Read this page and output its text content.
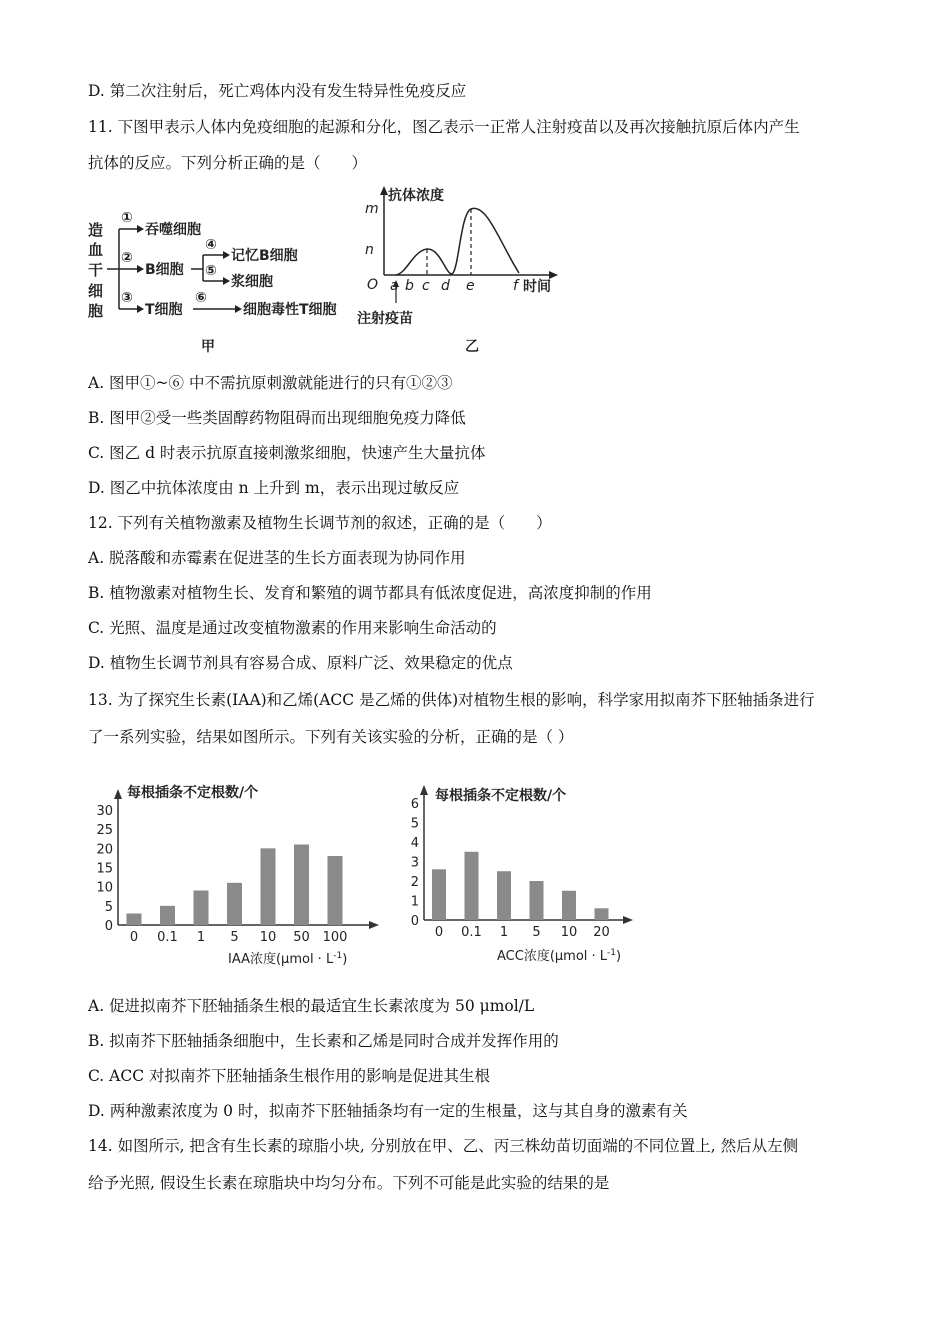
D. 第二次注射后，死亡鸡体内没有发生特异性免疫反应
11. 下图甲表示人体内免疫细胞的起源和分化，图乙表示一正常人注射疫苗以及再次接触抗原后体内产生
抗体的反应。下列分析正确的是（　　）
造
血
干
细
胞
①
吞噬细胞
②
B细胞
④
记忆B细胞
⑤
浆细胞
③
T细胞
⑥
细胞毒性T细胞
甲
抗体浓度
m
n
O a b c d e	f 时间
注射疫苗
乙
A. 图甲①~⑥ 中不需抗原刺激就能进行的只有①②③
B. 图甲②受一些类固醇药物阻碍而出现细胞免疫力降低
C. 图乙 d 时表示抗原直接刺激浆细胞，快速产生大量抗体
D. 图乙中抗体浓度由 n 上升到 m，表示出现过敏反应
12. 下列有关植物激素及植物生长调节剂的叙述，正确的是（　　）
A. 脱落酸和赤霉素在促进茎的生长方面表现为协同作用
B. 植物激素对植物生长、发育和繁殖的调节都具有低浓度促进，高浓度抑制的作用
C. 光照、温度是通过改变植物激素的作用来影响生命活动的
D. 植物生长调节剂具有容易合成、原料广泛、效果稳定的优点
13. 为了探究生长素(IAA)和乙烯(ACC 是乙烯的供体)对植物生根的影响，科学家用拟南芥下胚轴插条进行
了一系列实验，结果如图所示。下列有关该实验的分析，正确的是（ ）
每根插条不定根数/个
0
5
10
15
20
25
30
0 0.1 1 5 10 50 100
IAA浓度$(\mu mol \cdot L^{-1})$
每根插条不定根数/个
0
1
2
3
4
5
6
0 0.1 1 5 10 20
ACC浓度$(\mu mol \cdot L^{-1})$
A. 促进拟南芥下胚轴插条生根的最适宜生长素浓度为 50 μmol/L
B. 拟南芥下胚轴插条细胞中，生长素和乙烯是同时合成并发挥作用的
C. ACC 对拟南芥下胚轴插条生根作用的影响是促进其生根
D. 两种激素浓度为 0 时，拟南芥下胚轴插条均有一定的生根量，这与其自身的激素有关
14. 如图所示, 把含有生长素的琼脂小块, 分别放在甲、乙、丙三株幼苗切面端的不同位置上, 然后从左侧
给予光照, 假设生长素在琼脂块中均匀分布。下列不可能是此实验的结果的是
